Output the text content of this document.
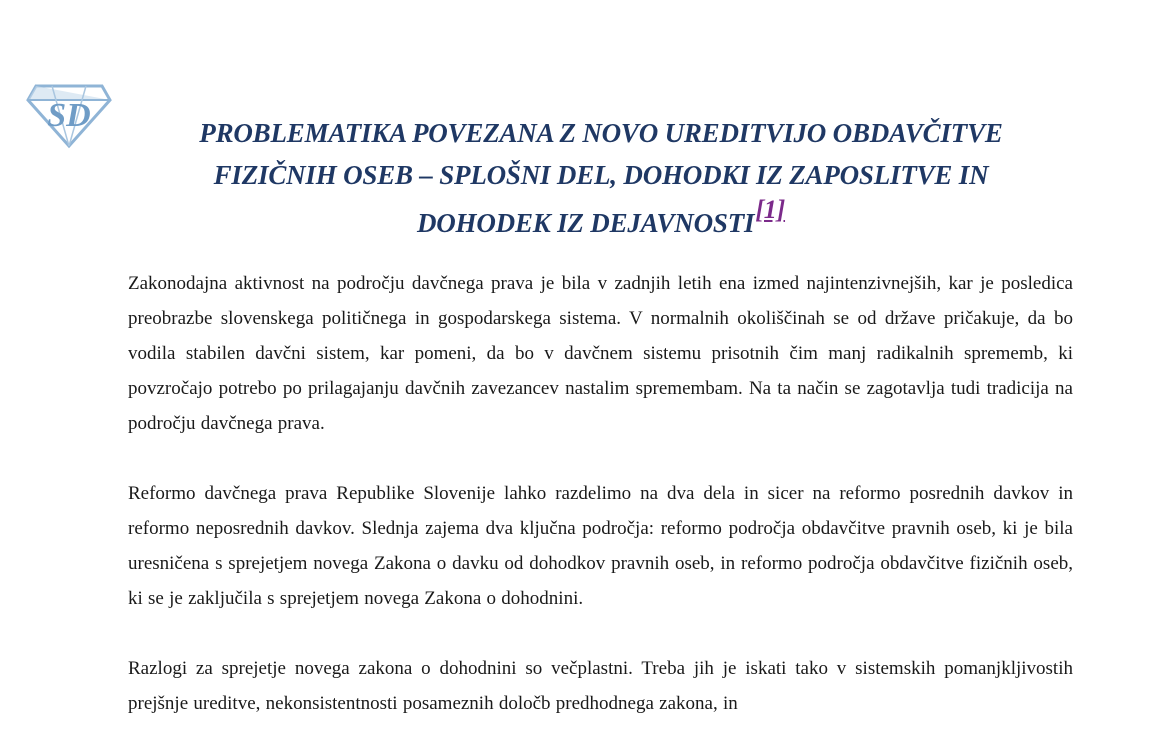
SD	PROBLEMATIKA POVEZANA Z NOVO UREDITVIJO OBDAVČITVE
FIZIČNIH OSEB – SPLOŠNI DEL, DOHODKI IZ ZAPOSLITVE IN
DOHODEK IZ DEJAVNOSTI[1]

Zakonodajna aktivnost na področju davčnega prava je bila v zadnjih letih ena izmed najintenzivnejših, kar je posledica preobrazbe slovenskega političnega in gospodarskega sistema. V normalnih okoliščinah se od države pričakuje, da bo vodila stabilen davčni sistem, kar pomeni, da bo v davčnem sistemu prisotnih čim manj radikalnih sprememb, ki povzročajo potrebo po prilagajanju davčnih zavezancev nastalim spremembam. Na ta način se zagotavlja tudi tradicija na področju davčnega prava.

Reformo davčnega prava Republike Slovenije lahko razdelimo na dva dela in sicer na reformo posrednih davkov in reformo neposrednih davkov. Slednja zajema dva ključna področja: reformo področja obdavčitve pravnih oseb, ki je bila uresničena s sprejetjem novega Zakona o davku od dohodkov pravnih oseb, in reformo področja obdavčitve fizičnih oseb, ki se je zaključila s sprejetjem novega Zakona o dohodnini.

Razlogi za sprejetje novega zakona o dohodnini so večplastni. Treba jih je iskati tako v sistemskih pomanjkljivostih prejšnje ureditve, nekonsistentnosti posameznih določb predhodnega zakona, in
